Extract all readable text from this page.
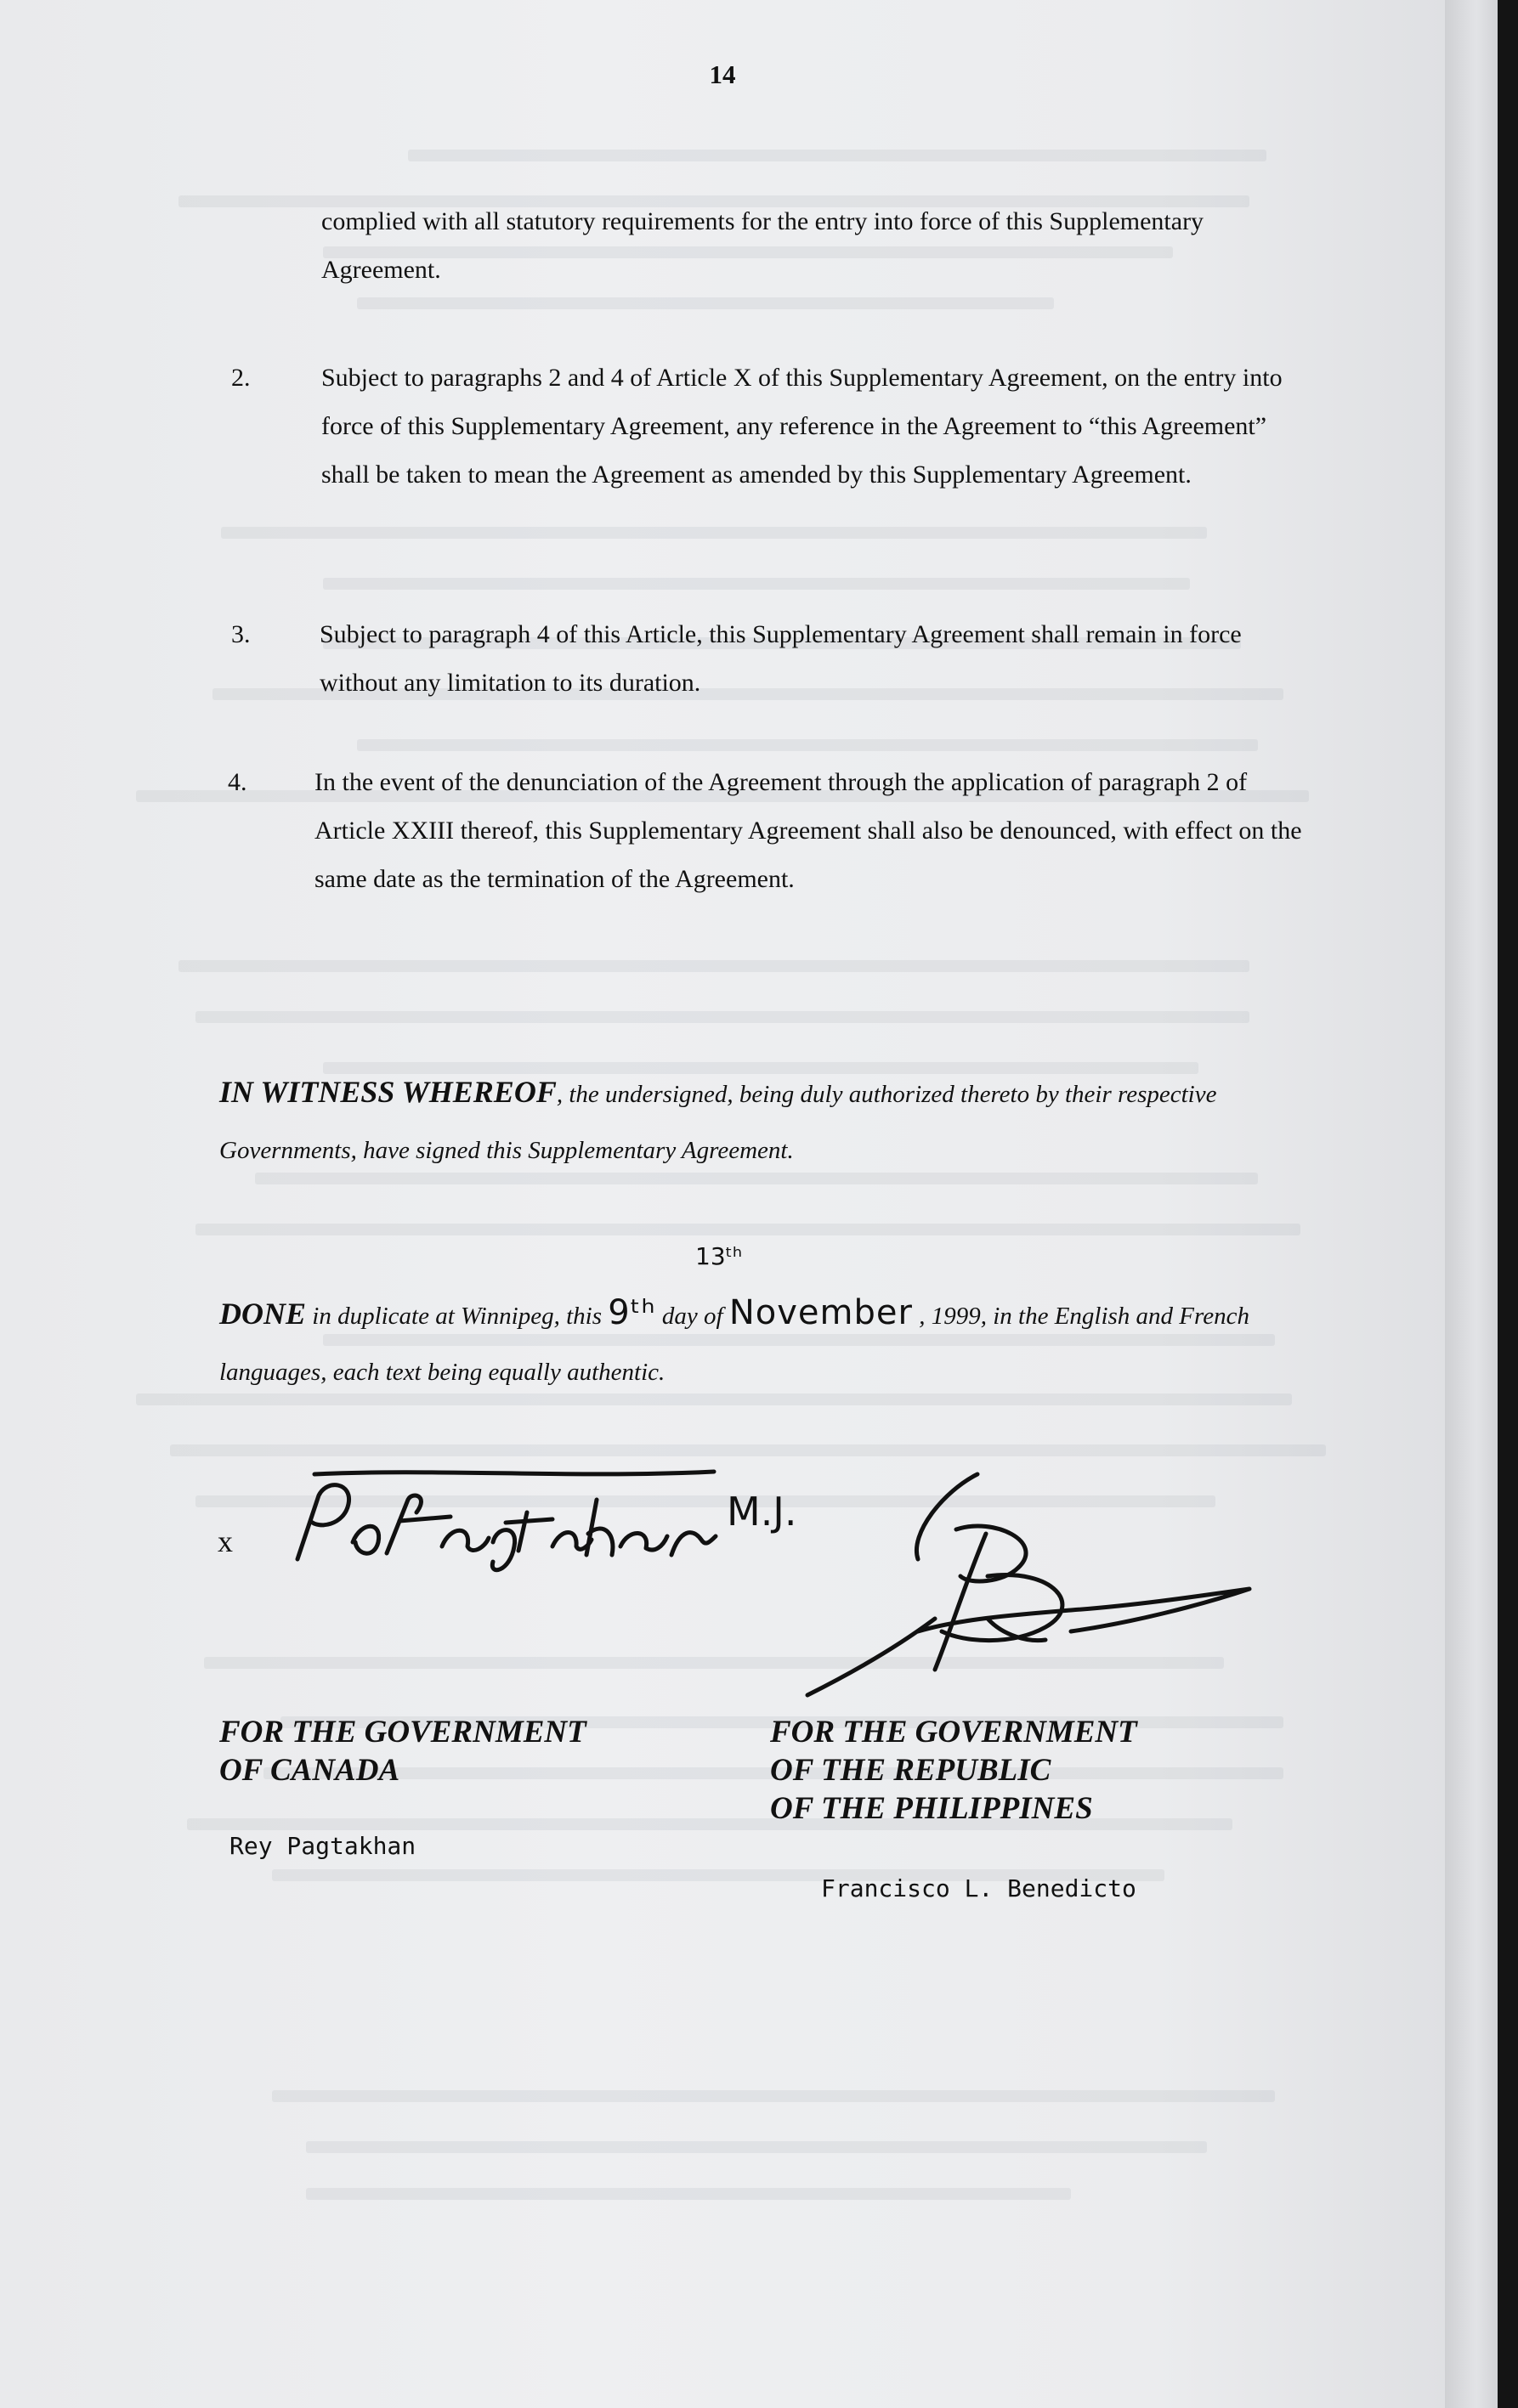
14

complied with all statutory requirements for the entry into force of this Supplementary Agreement.

2.	Subject to paragraphs 2 and 4 of Article X of this Supplementary Agreement, on the entry into force of this Supplementary Agreement, any reference in the Agreement to “this Agreement” shall be taken to mean the Agreement as amended by this Supplementary Agreement.

3.	Subject to paragraph 4 of this Article, this Supplementary Agreement shall remain in force without any limitation to its duration.

4.	In the event of the denunciation of the Agreement through the application of paragraph 2 of Article XXIII thereof, this Supplementary Agreement shall also be denounced, with effect on the same date as the termination of the Agreement.

IN WITNESS WHEREOF, the undersigned, being duly authorized thereto by their respective Governments, have signed this Supplementary Agreement.

13ᵗʰ

DONE in duplicate at Winnipeg, this 9ᵗʰ day of November , 1999, in the English and French languages, each text being equally authentic.

x
M.J.

FOR THE GOVERNMENT
OF CANADA

Rey Pagtakhan

FOR THE GOVERNMENT
OF THE REPUBLIC
OF THE PHILIPPINES

Francisco L. Benedicto
